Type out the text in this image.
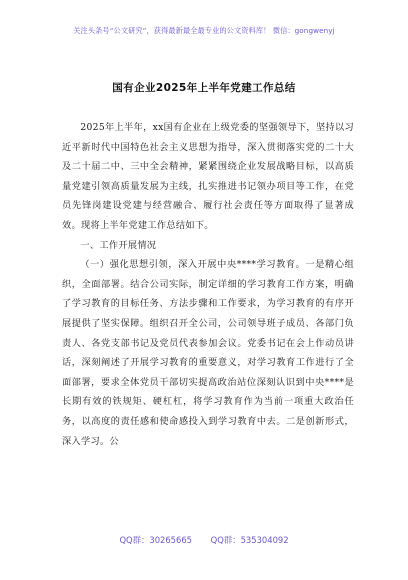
关注头条号“公文研究”，获得最新最全最专业的公文资料库！ 微信：gongwenyj
国有企业2025年上半年党建工作总结

2025年上半年，xx国有企业在上级党委的坚强领导下，坚持以习近平新时代中国特色社会主义思想为指导，深入贯彻落实党的二十大及二十届二中、三中全会精神，紧紧围绕企业发展战略目标，以高质量党建引领高质量发展为主线，扎实推进书记领办项目等工作，在党员先锋岗建设党建与经营融合、履行社会责任等方面取得了显著成效。现将上半年党建工作总结如下。

一、工作开展情况

（一）强化思想引领，深入开展中央****学习教育。一是精心组织，全面部署。结合公司实际，制定详细的学习教育工作方案，明确了学习教育的目标任务、方法步骤和工作要求，为学习教育的有序开展提供了坚实保障。组织召开全公司，公司领导班子成员、各部门负责人、各党支部书记及党员代表参加会议。党委书记在会上作动员讲话，深刻阐述了开展学习教育的重要意义，对学习教育工作进行了全面部署，要求全体党员干部切实提高政治站位深刻认识到中央****是长期有效的铁规矩、硬杠杠，将学习教育作为当前一项重大政治任务，以高度的责任感和使命感投入到学习教育中去。二是创新形式，深入学习。公

QQ群：30265665 QQ群：535304092
